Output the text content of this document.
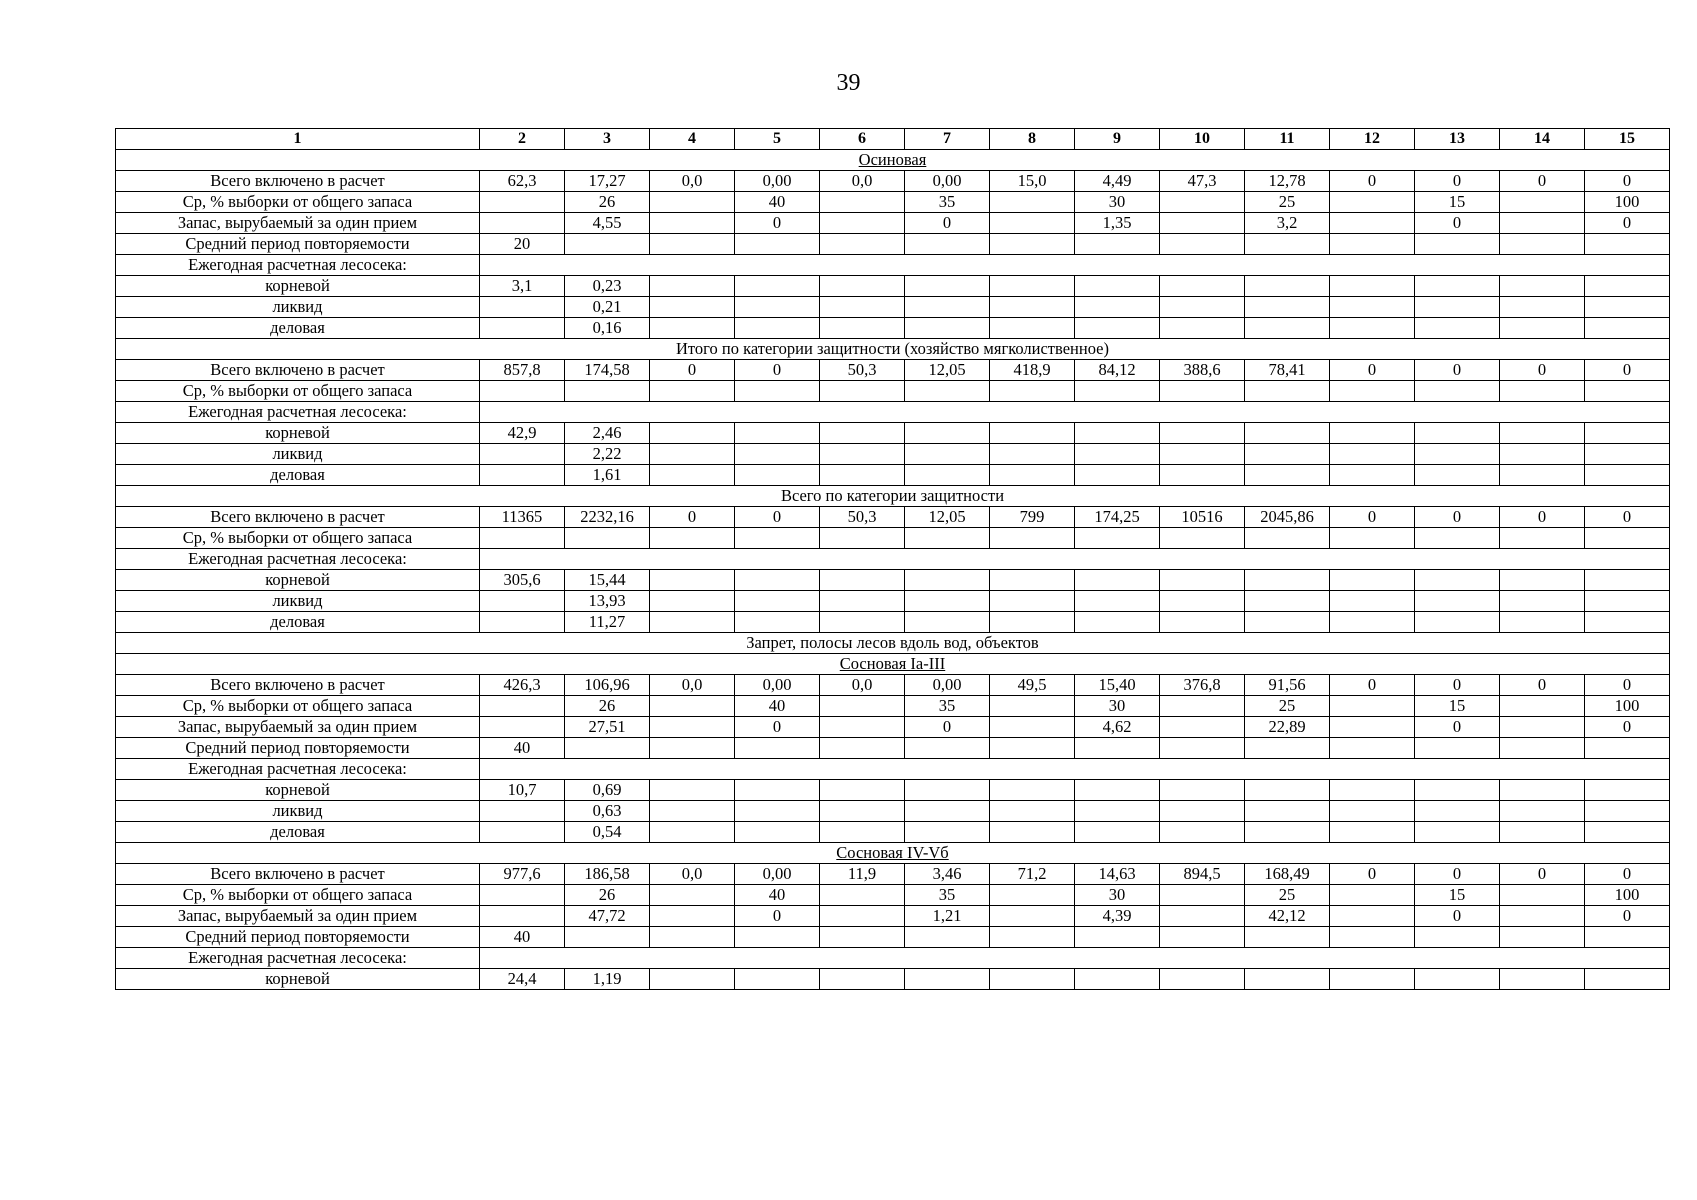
39
1	2	3	4	5	6	7	8	9	10	11	12	13	14	15
Осиновая														
Всего включено в расчет	62,3	17,27	0,0	0,00	0,0	0,00	15,0	4,49	47,3	12,78	0	0	0	0
Ср, % выборки от общего запаса		26		40		35		30		25		15		100
Запас, вырубаемый за один прием		4,55		0		0		1,35		3,2		0		0
Средний период повторяемости	20													
Ежегодная расчетная лесосека:														
корневой	3,1	0,23												
ликвид		0,21												
деловая		0,16												
Итого по категории защитности (хозяйство мягколиственное)														
Всего включено в расчет	857,8	174,58	0	0	50,3	12,05	418,9	84,12	388,6	78,41	0	0	0	0
Ср, % выборки от общего запаса														
Ежегодная расчетная лесосека:														
корневой	42,9	2,46												
ликвид		2,22												
деловая		1,61												
Всего по категории защитности														
Всего включено в расчет	11365	2232,16	0	0	50,3	12,05	799	174,25	10516	2045,86	0	0	0	0
Ср, % выборки от общего запаса														
Ежегодная расчетная лесосека:														
корневой	305,6	15,44												
ликвид		13,93												
деловая		11,27												
Запрет, полосы лесов вдоль вод, объектов														
Сосновая Iа-III														
Всего включено в расчет	426,3	106,96	0,0	0,00	0,0	0,00	49,5	15,40	376,8	91,56	0	0	0	0
Ср, % выборки от общего запаса		26		40		35		30		25		15		100
Запас, вырубаемый за один прием		27,51		0		0		4,62		22,89		0		0
Средний период повторяемости	40													
Ежегодная расчетная лесосека:														
корневой	10,7	0,69												
ликвид		0,63												
деловая		0,54												
Сосновая IV-Vб														
Всего включено в расчет	977,6	186,58	0,0	0,00	11,9	3,46	71,2	14,63	894,5	168,49	0	0	0	0
Ср, % выборки от общего запаса		26		40		35		30		25		15		100
Запас, вырубаемый за один прием		47,72		0		1,21		4,39		42,12		0		0
Средний период повторяемости	40													
Ежегодная расчетная лесосека:														
корневой	24,4	1,19												
